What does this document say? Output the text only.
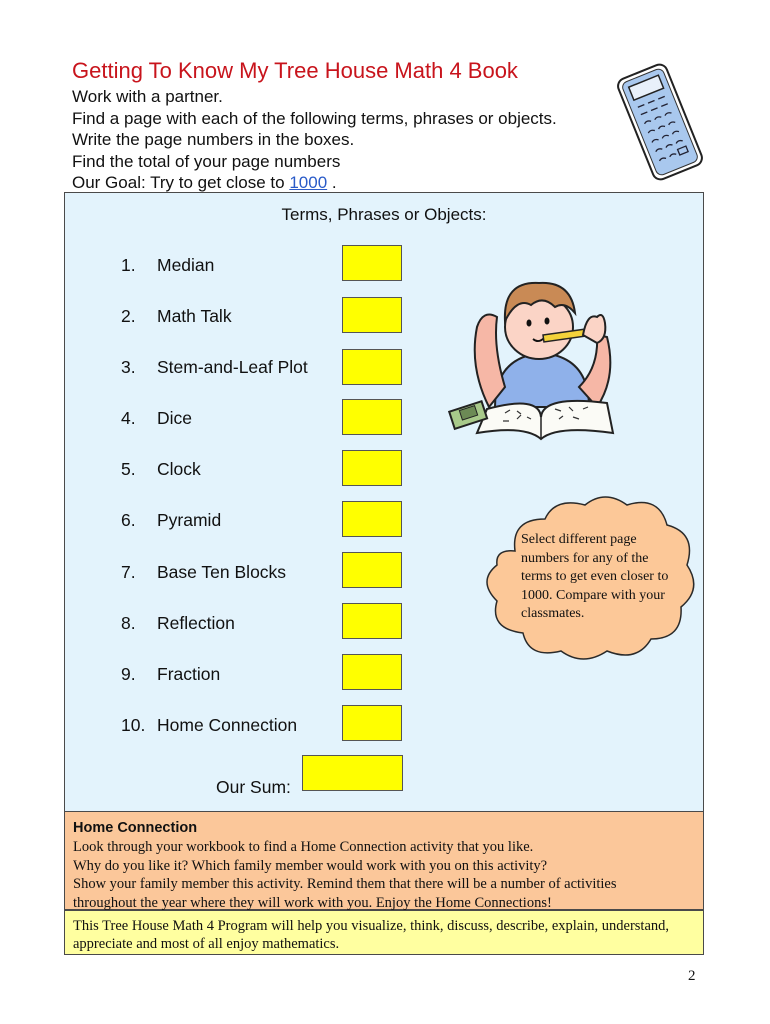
Getting To Know My Tree House Math 4 Book
Work with a partner.
Find a page with each of the following terms, phrases or objects.
Write the page numbers in the boxes.
Find the total of your page numbers
Our Goal: Try to get close to 1000 .
Terms, Phrases or Objects:
1. Median
2. Math Talk
3. Stem-and-Leaf Plot
4. Dice
5. Clock
6. Pyramid
7. Base Ten Blocks
8. Reflection
9. Fraction
10. Home Connection
Our Sum:
Select different page numbers for any of the terms to get even closer to 1000. Compare with your classmates.
Home Connection
Look through your workbook to find a Home Connection activity that you like.
Why do you like it? Which family member would work with you on this activity?
Show your family member this activity. Remind them that there will be a number of activities
throughout the year where they will work with you. Enjoy the Home Connections!
This Tree House Math 4 Program will help you visualize, think, discuss, describe, explain, understand, appreciate and most of all enjoy mathematics.
2
